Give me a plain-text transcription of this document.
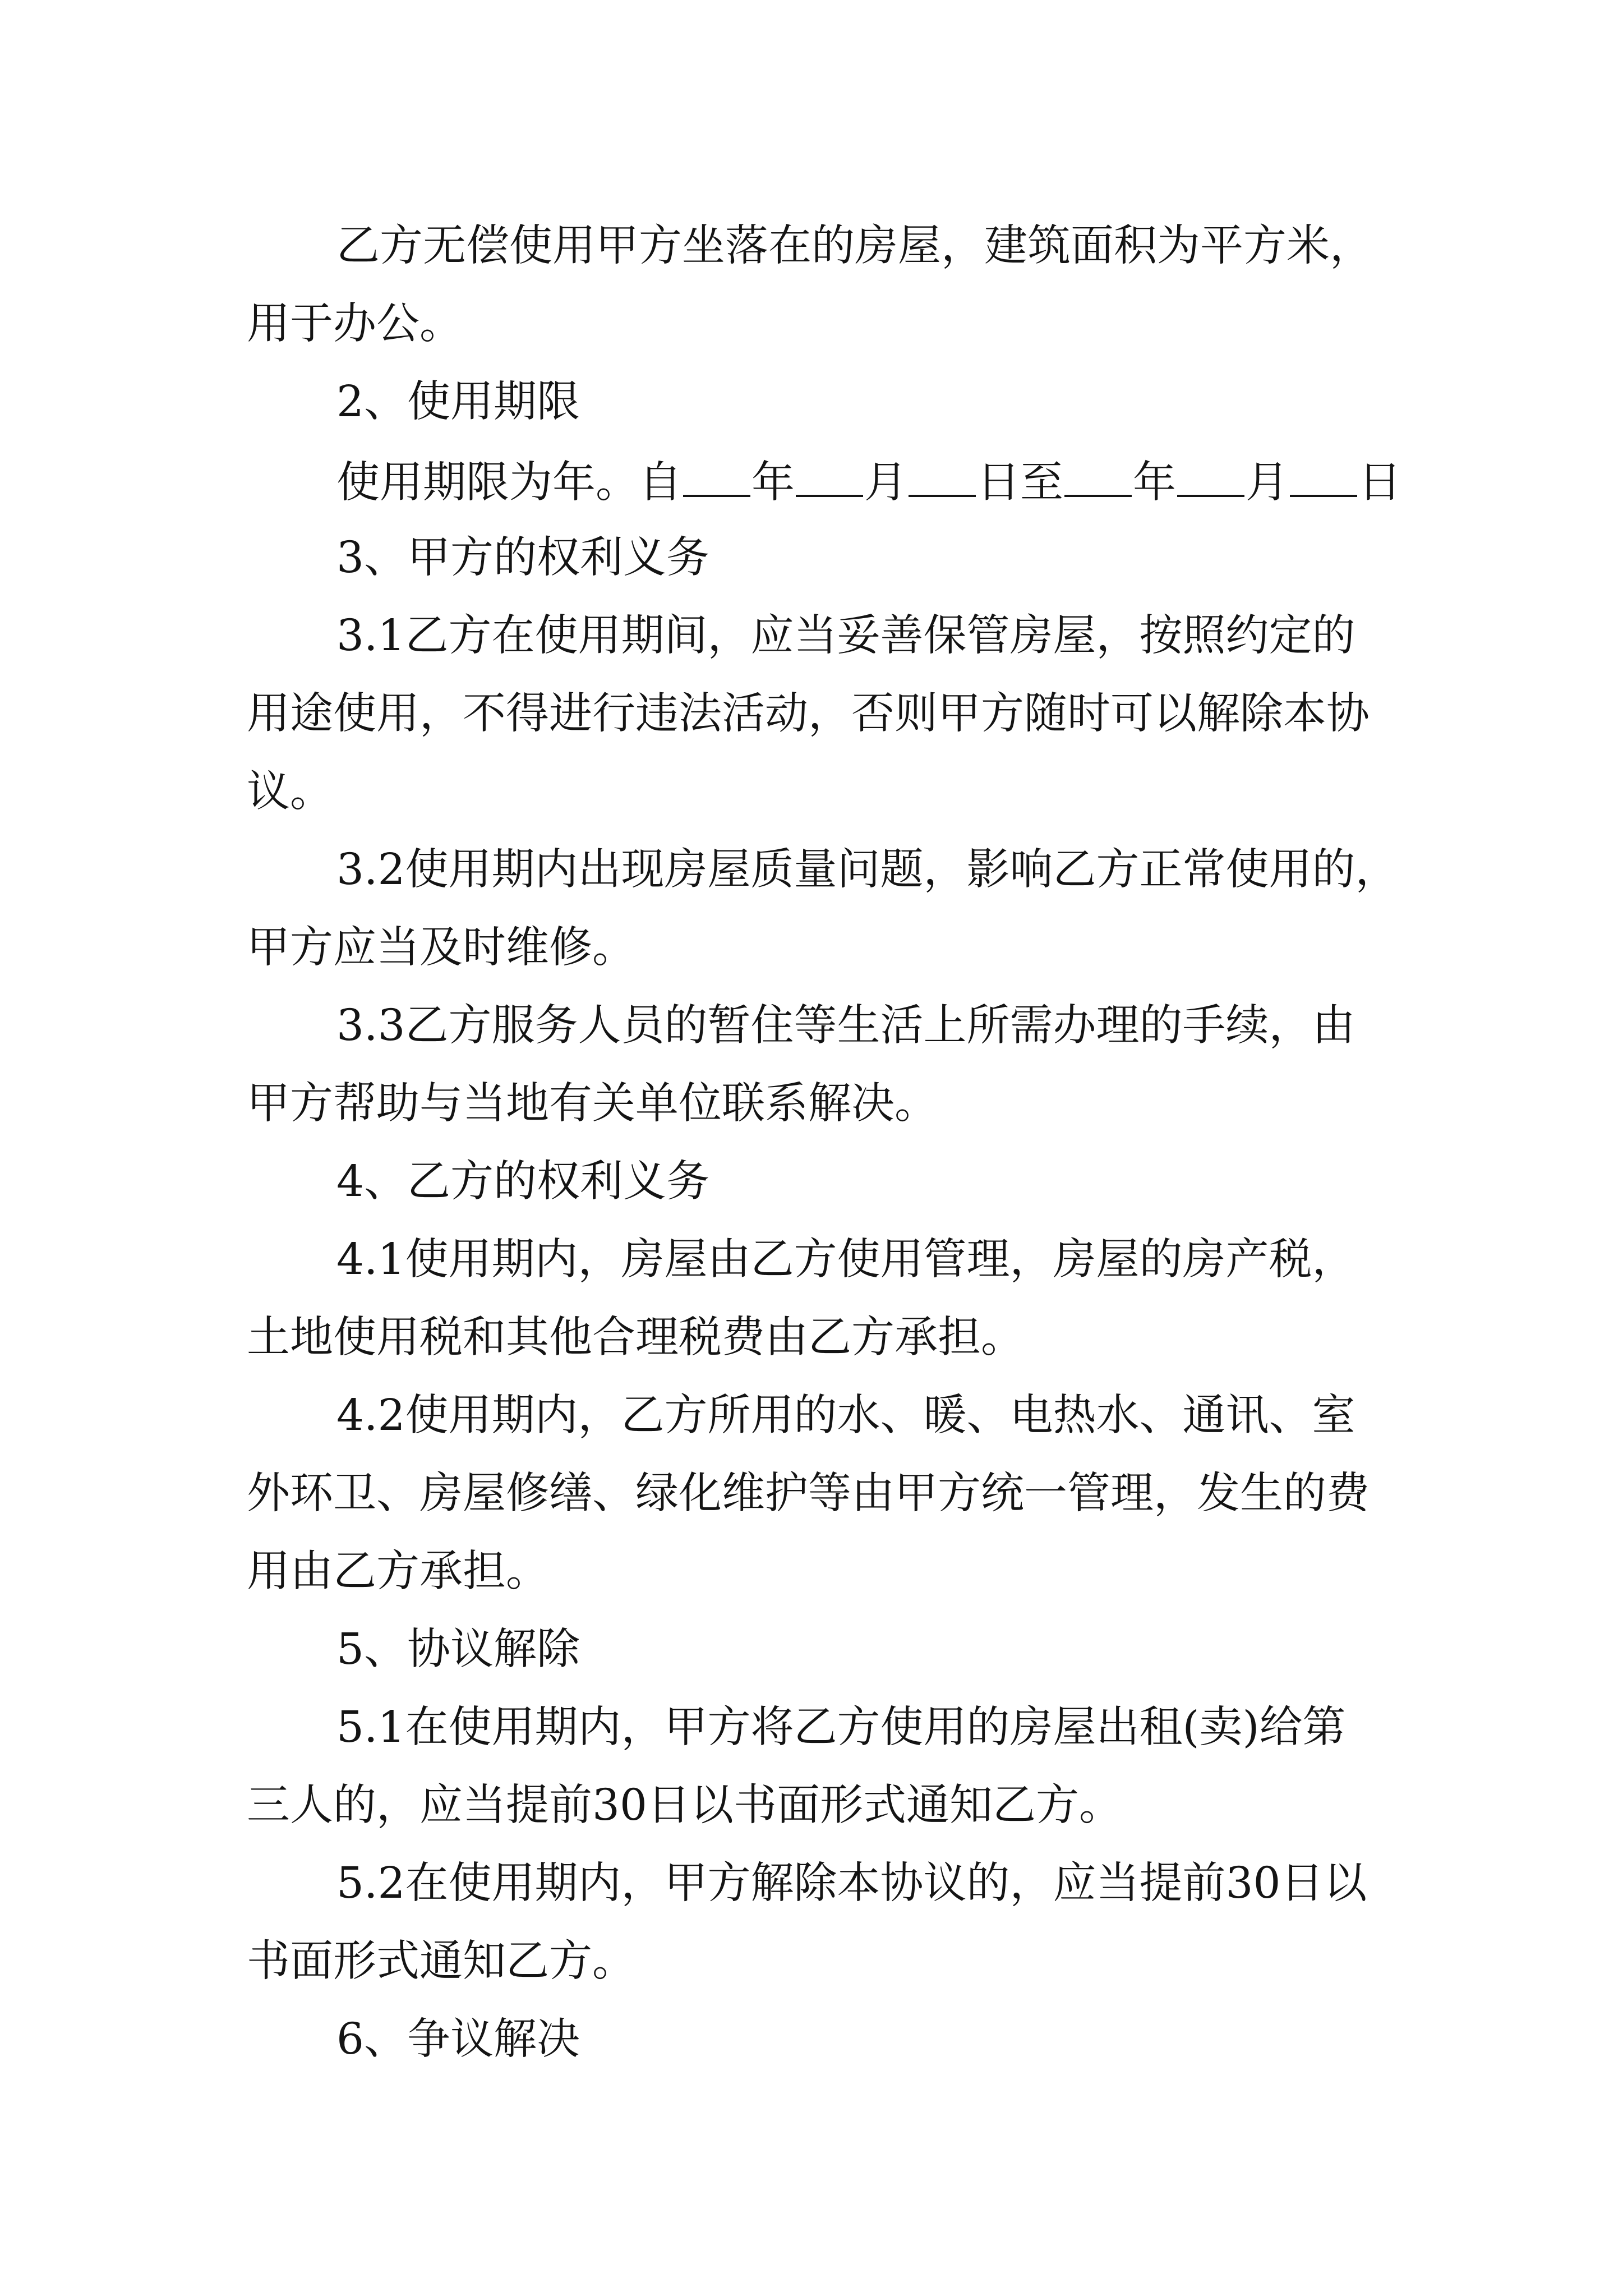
乙方无偿使用甲方坐落在的房屋，建筑面积为平方米，
用于办公。
2、使用期限
使用期限为年。自 年 月 日至 年 月 日
3、甲方的权利义务
3.1乙方在使用期间，应当妥善保管房屋，按照约定的
用途使用，不得进行违法活动，否则甲方随时可以解除本协
议。
3.2使用期内出现房屋质量问题，影响乙方正常使用的，
甲方应当及时维修。
3.3乙方服务人员的暂住等生活上所需办理的手续，由
甲方帮助与当地有关单位联系解决。
4、乙方的权利义务
4.1使用期内，房屋由乙方使用管理，房屋的房产税，
土地使用税和其他合理税费由乙方承担。
4.2使用期内，乙方所用的水、暖、电热水、通讯、室
外环卫、房屋修缮、绿化维护等由甲方统一管理，发生的费
用由乙方承担。
5、协议解除
5.1在使用期内，甲方将乙方使用的房屋出租(卖)给第
三人的，应当提前30日以书面形式通知乙方。
5.2在使用期内，甲方解除本协议的，应当提前30日以
书面形式通知乙方。
6、争议解决
